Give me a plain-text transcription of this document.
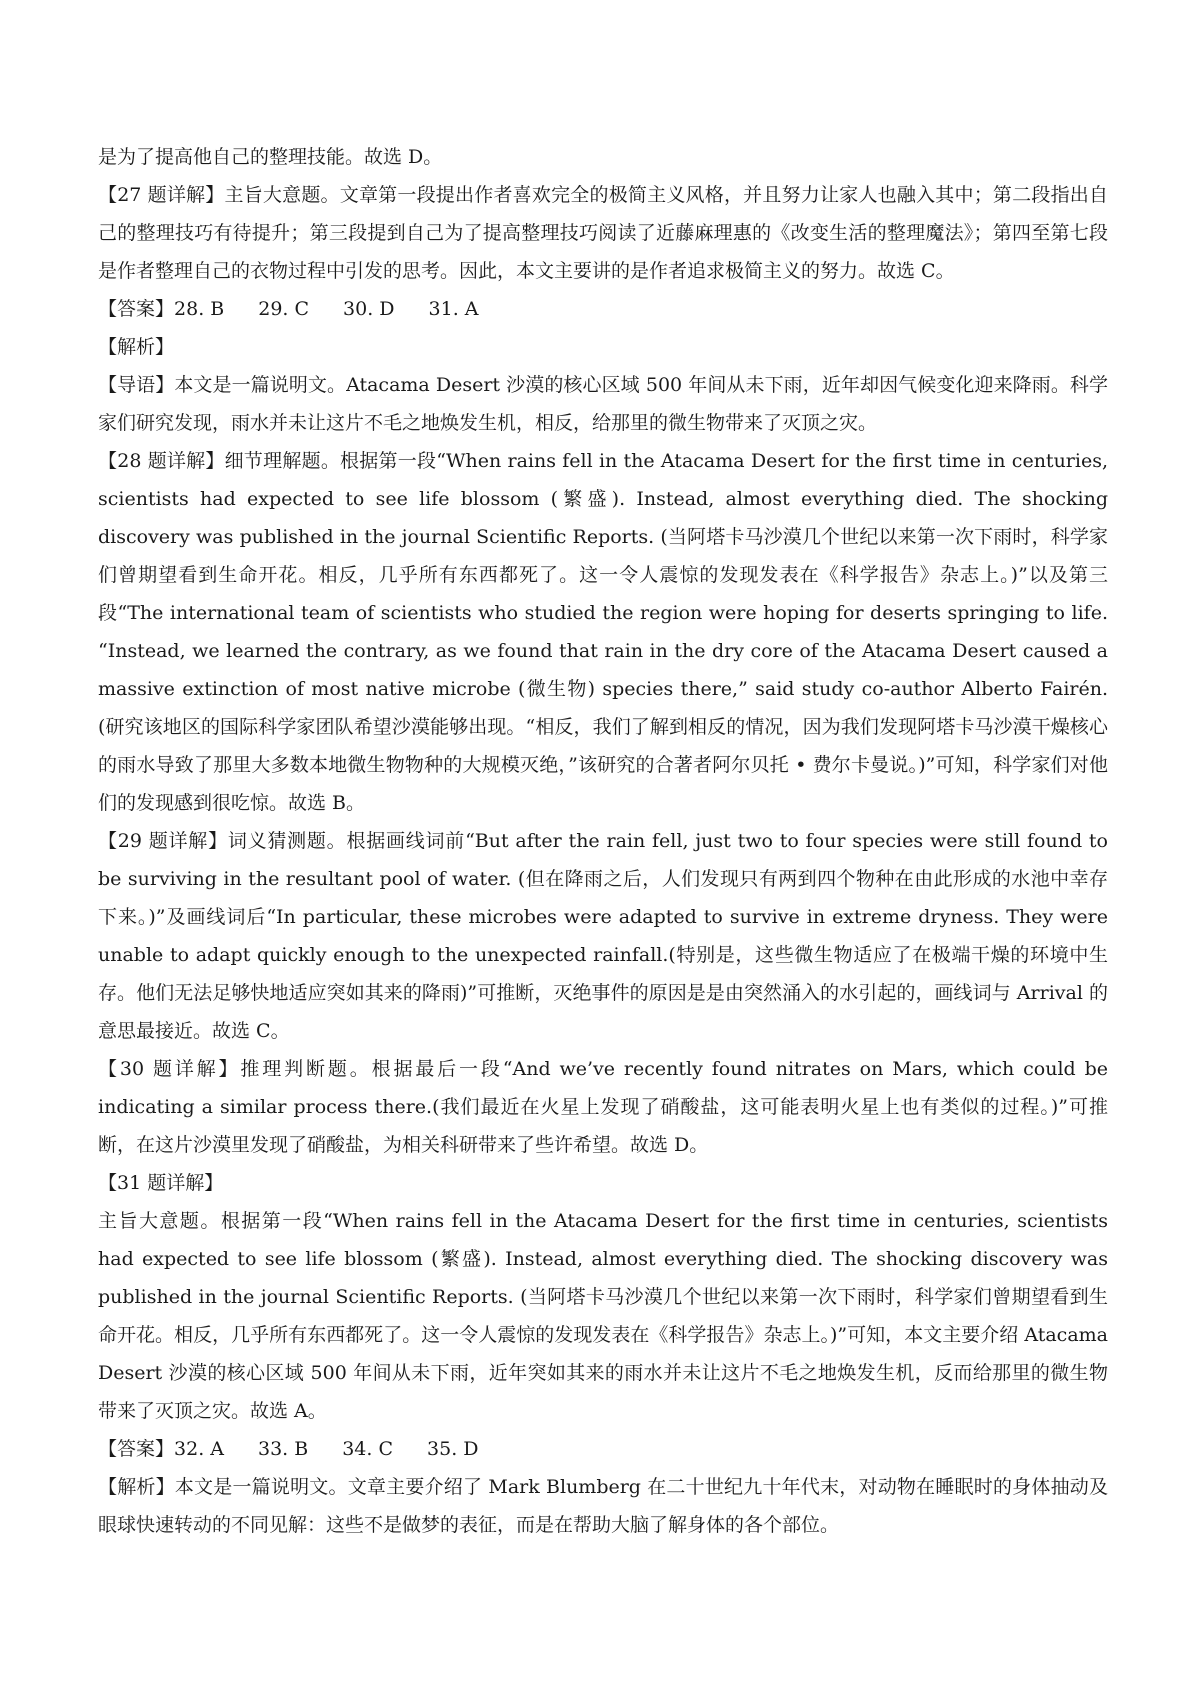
是为了提高他自己的整理技能。故选 D。

【27 题详解】主旨大意题。文章第一段提出作者喜欢完全的极简主义风格，并且努力让家人也融入其中；第二段指出自己的整理技巧有待提升；第三段提到自己为了提高整理技巧阅读了近藤麻理惠的《改变生活的整理魔法》；第四至第七段是作者整理自己的衣物过程中引发的思考。因此，本文主要讲的是作者追求极简主义的努力。故选 C。

【答案】28. B 29. C 30. D 31. A

【解析】

【导语】本文是一篇说明文。Atacama Desert 沙漠的核心区域 500 年间从未下雨，近年却因气候变化迎来降雨。科学家们研究发现，雨水并未让这片不毛之地焕发生机，相反，给那里的微生物带来了灭顶之灾。

【28 题详解】细节理解题。根据第一段“When rains fell in the Atacama Desert for the first time in centuries, scientists had expected to see life blossom (繁盛). Instead, almost everything died. The shocking discovery was published in the journal Scientific Reports. (当阿塔卡马沙漠几个世纪以来第一次下雨时，科学家们曾期望看到生命开花。相反，几乎所有东西都死了。这一令人震惊的发现发表在《科学报告》杂志上。)”以及第三段“The international team of scientists who studied the region were hoping for deserts springing to life. “Instead, we learned the contrary, as we found that rain in the dry core of the Atacama Desert caused a massive extinction of most native microbe (微生物) species there,” said study co-author Alberto Fairén.(研究该地区的国际科学家团队希望沙漠能够出现。“相反，我们了解到相反的情况，因为我们发现阿塔卡马沙漠干燥核心的雨水导致了那里大多数本地微生物物种的大规模灭绝，”该研究的合著者阿尔贝托 • 费尔卡曼说。)”可知，科学家们对他们的发现感到很吃惊。故选 B。

【29 题详解】词义猜测题。根据画线词前“But after the rain fell, just two to four species were still found to be surviving in the resultant pool of water. (但在降雨之后，人们发现只有两到四个物种在由此形成的水池中幸存下来。)”及画线词后“In particular, these microbes were adapted to survive in extreme dryness. They were unable to adapt quickly enough to the unexpected rainfall.(特别是，这些微生物适应了在极端干燥的环境中生存。他们无法足够快地适应突如其来的降雨)”可推断，灭绝事件的原因是是由突然涌入的水引起的，画线词与 Arrival 的意思最接近。故选 C。

【30 题详解】推理判断题。根据最后一段“And we’ve recently found nitrates on Mars, which could be indicating a similar process there.(我们最近在火星上发现了硝酸盐，这可能表明火星上也有类似的过程。)”可推断，在这片沙漠里发现了硝酸盐，为相关科研带来了些许希望。故选 D。

【31 题详解】

主旨大意题。根据第一段“When rains fell in the Atacama Desert for the first time in centuries, scientists had expected to see life blossom (繁盛). Instead, almost everything died. The shocking discovery was published in the journal Scientific Reports. (当阿塔卡马沙漠几个世纪以来第一次下雨时，科学家们曾期望看到生命开花。相反，几乎所有东西都死了。这一令人震惊的发现发表在《科学报告》杂志上。)”可知，本文主要介绍 Atacama Desert 沙漠的核心区域 500 年间从未下雨，近年突如其来的雨水并未让这片不毛之地焕发生机，反而给那里的微生物带来了灭顶之灾。故选 A。

【答案】32. A 33. B 34. C 35. D

【解析】本文是一篇说明文。文章主要介绍了 Mark Blumberg 在二十世纪九十年代末，对动物在睡眠时的身体抽动及眼球快速转动的不同见解：这些不是做梦的表征，而是在帮助大脑了解身体的各个部位。
